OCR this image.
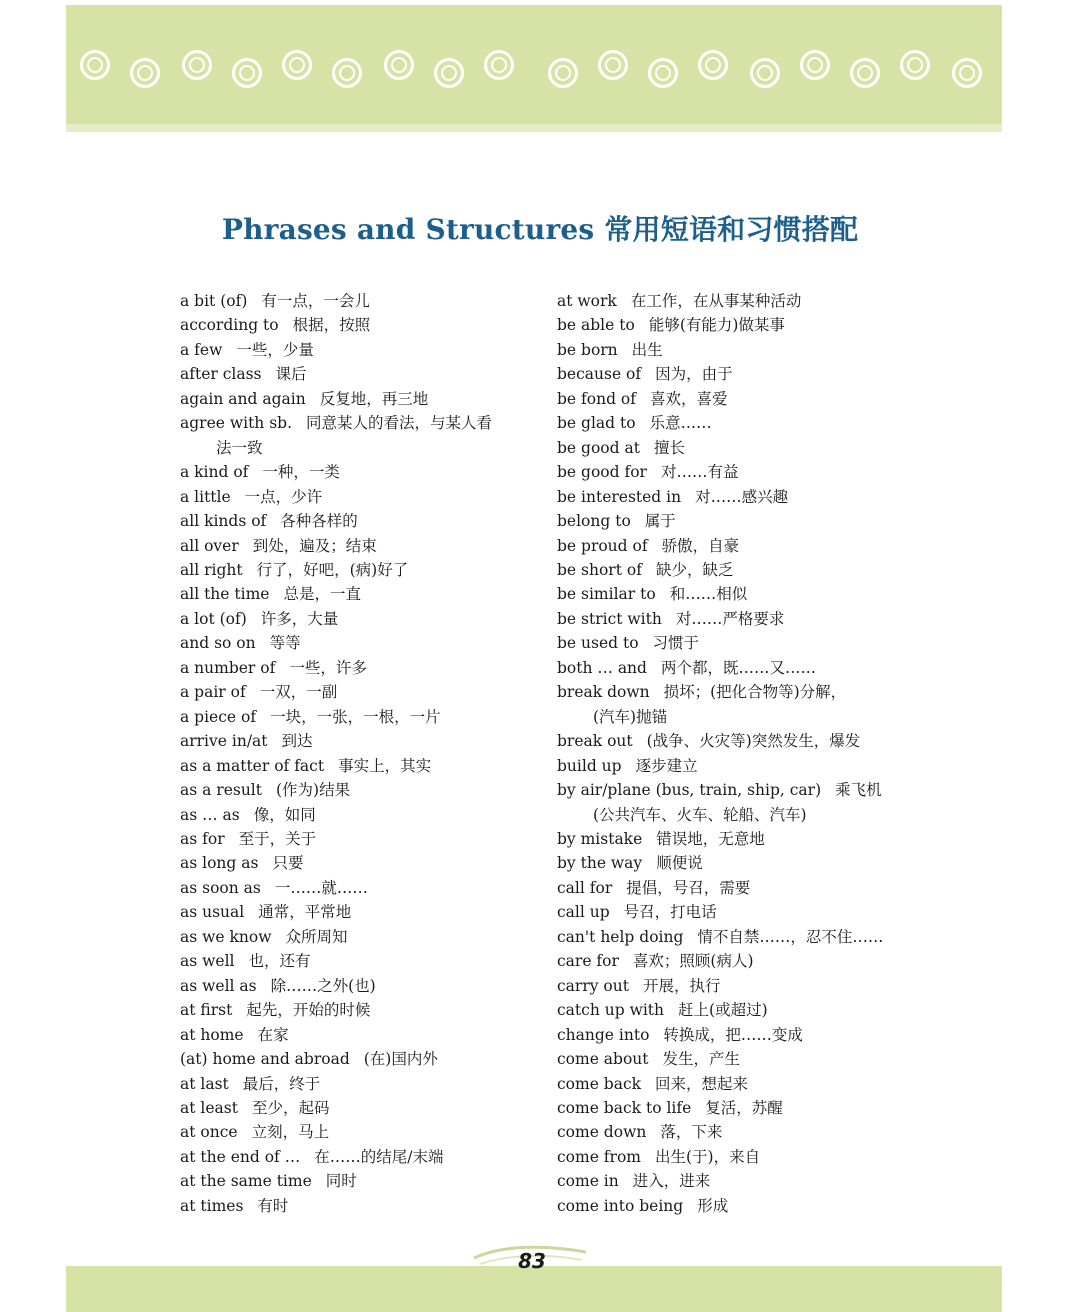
Phrases and Structures 常用短语和习惯搭配
a bit (of) 有一点，一会儿
according to 根据，按照
a few 一些，少量
after class 课后
again and again 反复地，再三地
agree with sb. 同意某人的看法，与某人看
法一致
a kind of 一种，一类
a little 一点，少许
all kinds of 各种各样的
all over 到处，遍及；结束
all right 行了，好吧，(病)好了
all the time 总是，一直
a lot (of) 许多，大量
and so on 等等
a number of 一些，许多
a pair of 一双，一副
a piece of 一块，一张，一根，一片
arrive in/at 到达
as a matter of fact 事实上，其实
as a result (作为)结果
as … as 像，如同
as for 至于，关于
as long as 只要
as soon as 一……就……
as usual 通常，平常地
as we know 众所周知
as well 也，还有
as well as 除……之外(也)
at first 起先，开始的时候
at home 在家
(at) home and abroad (在)国内外
at last 最后，终于
at least 至少，起码
at once 立刻，马上
at the end of … 在……的结尾/末端
at the same time 同时
at times 有时
at work 在工作，在从事某种活动
be able to 能够(有能力)做某事
be born 出生
because of 因为，由于
be fond of 喜欢，喜爱
be glad to 乐意……
be good at 擅长
be good for 对……有益
be interested in 对……感兴趣
belong to 属于
be proud of 骄傲，自豪
be short of 缺少，缺乏
be similar to 和……相似
be strict with 对……严格要求
be used to 习惯于
both … and 两个都，既……又……
break down 损坏；(把化合物等)分解，
(汽车)抛锚
break out (战争、火灾等)突然发生，爆发
build up 逐步建立
by air/plane (bus, train, ship, car) 乘飞机
(公共汽车、火车、轮船、汽车)
by mistake 错误地，无意地
by the way 顺便说
call for 提倡，号召，需要
call up 号召，打电话
can't help doing 情不自禁……，忍不住……
care for 喜欢；照顾(病人)
carry out 开展，执行
catch up with 赶上(或超过)
change into 转换成，把……变成
come about 发生，产生
come back 回来，想起来
come back to life 复活，苏醒
come down 落，下来
come from 出生(于)，来自
come in 进入，进来
come into being 形成
83
